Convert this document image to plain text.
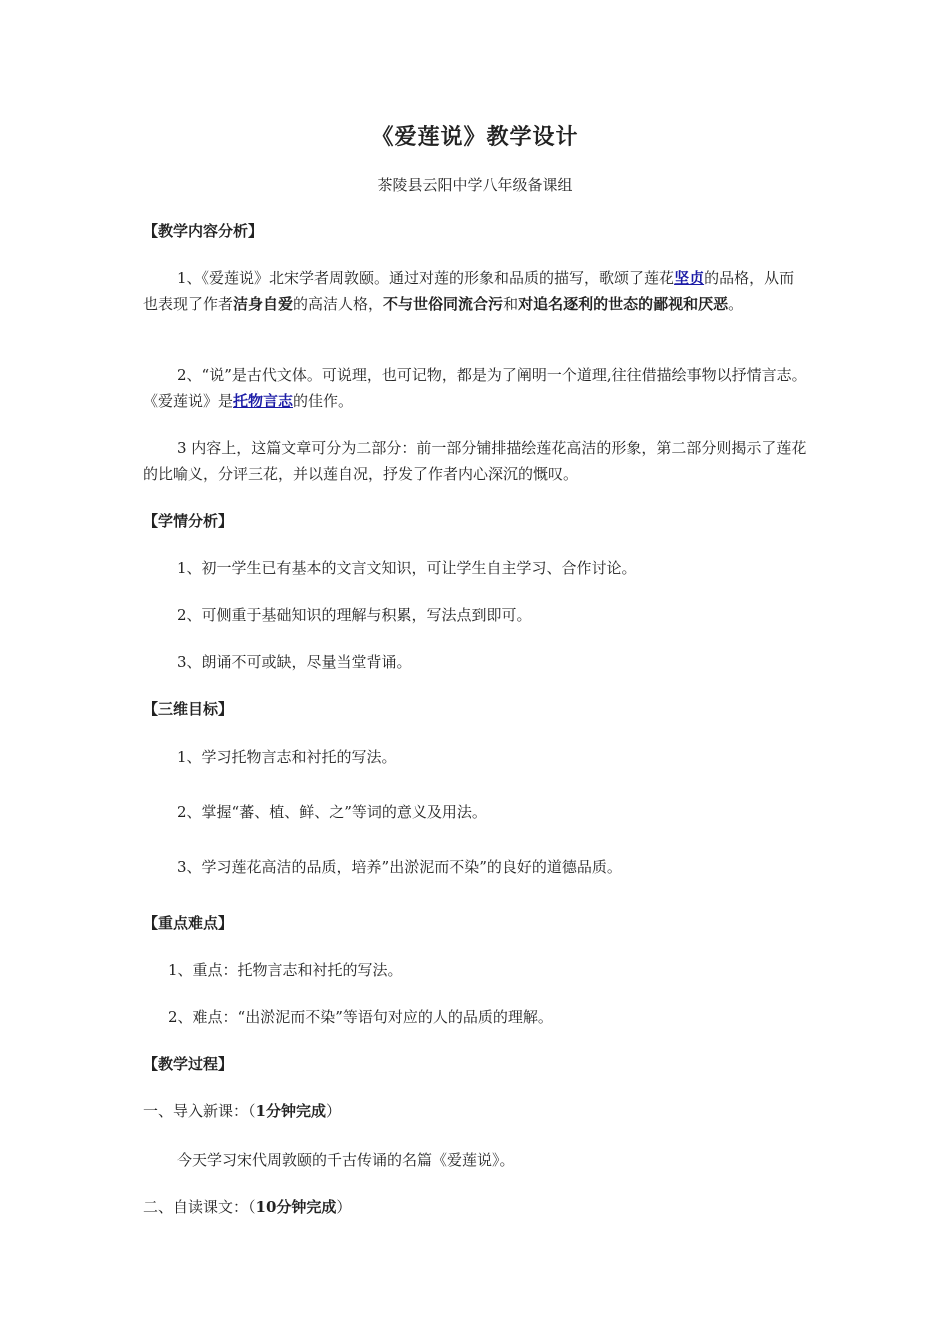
《爱莲说》教学设计
茶陵县云阳中学八年级备课组
【教学内容分析】
1、《爱莲说》北宋学者周敦颐。通过对莲的形象和品质的描写，歌颂了莲花坚贞的品格，从而也表现了作者洁身自爱的高洁人格，不与世俗同流合污和对追名逐利的世态的鄙视和厌恶。
2、“说”是古代文体。可说理，也可记物，都是为了阐明一个道理,往往借描绘事物以抒情言志。《爱莲说》是托物言志的佳作。
3 内容上，这篇文章可分为二部分：前一部分铺排描绘莲花高洁的形象，第二部分则揭示了莲花的比喻义，分评三花，并以莲自况，抒发了作者内心深沉的慨叹。
【学情分析】
1、初一学生已有基本的文言文知识，可让学生自主学习、合作讨论。
2、可侧重于基础知识的理解与积累，写法点到即可。
3、朗诵不可或缺，尽量当堂背诵。
【三维目标】
1、学习托物言志和衬托的写法。
2、掌握“蕃、植、鲜、之”等词的意义及用法。
3、学习莲花高洁的品质，培养”出淤泥而不染”的良好的道德品质。
【重点难点】
1、重点：托物言志和衬托的写法。
2、难点：“出淤泥而不染”等语句对应的人的品质的理解。
【教学过程】
一、导入新课：（1分钟完成）
今天学习宋代周敦颐的千古传诵的名篇《爱莲说》。
二、自读课文：（10分钟完成）
